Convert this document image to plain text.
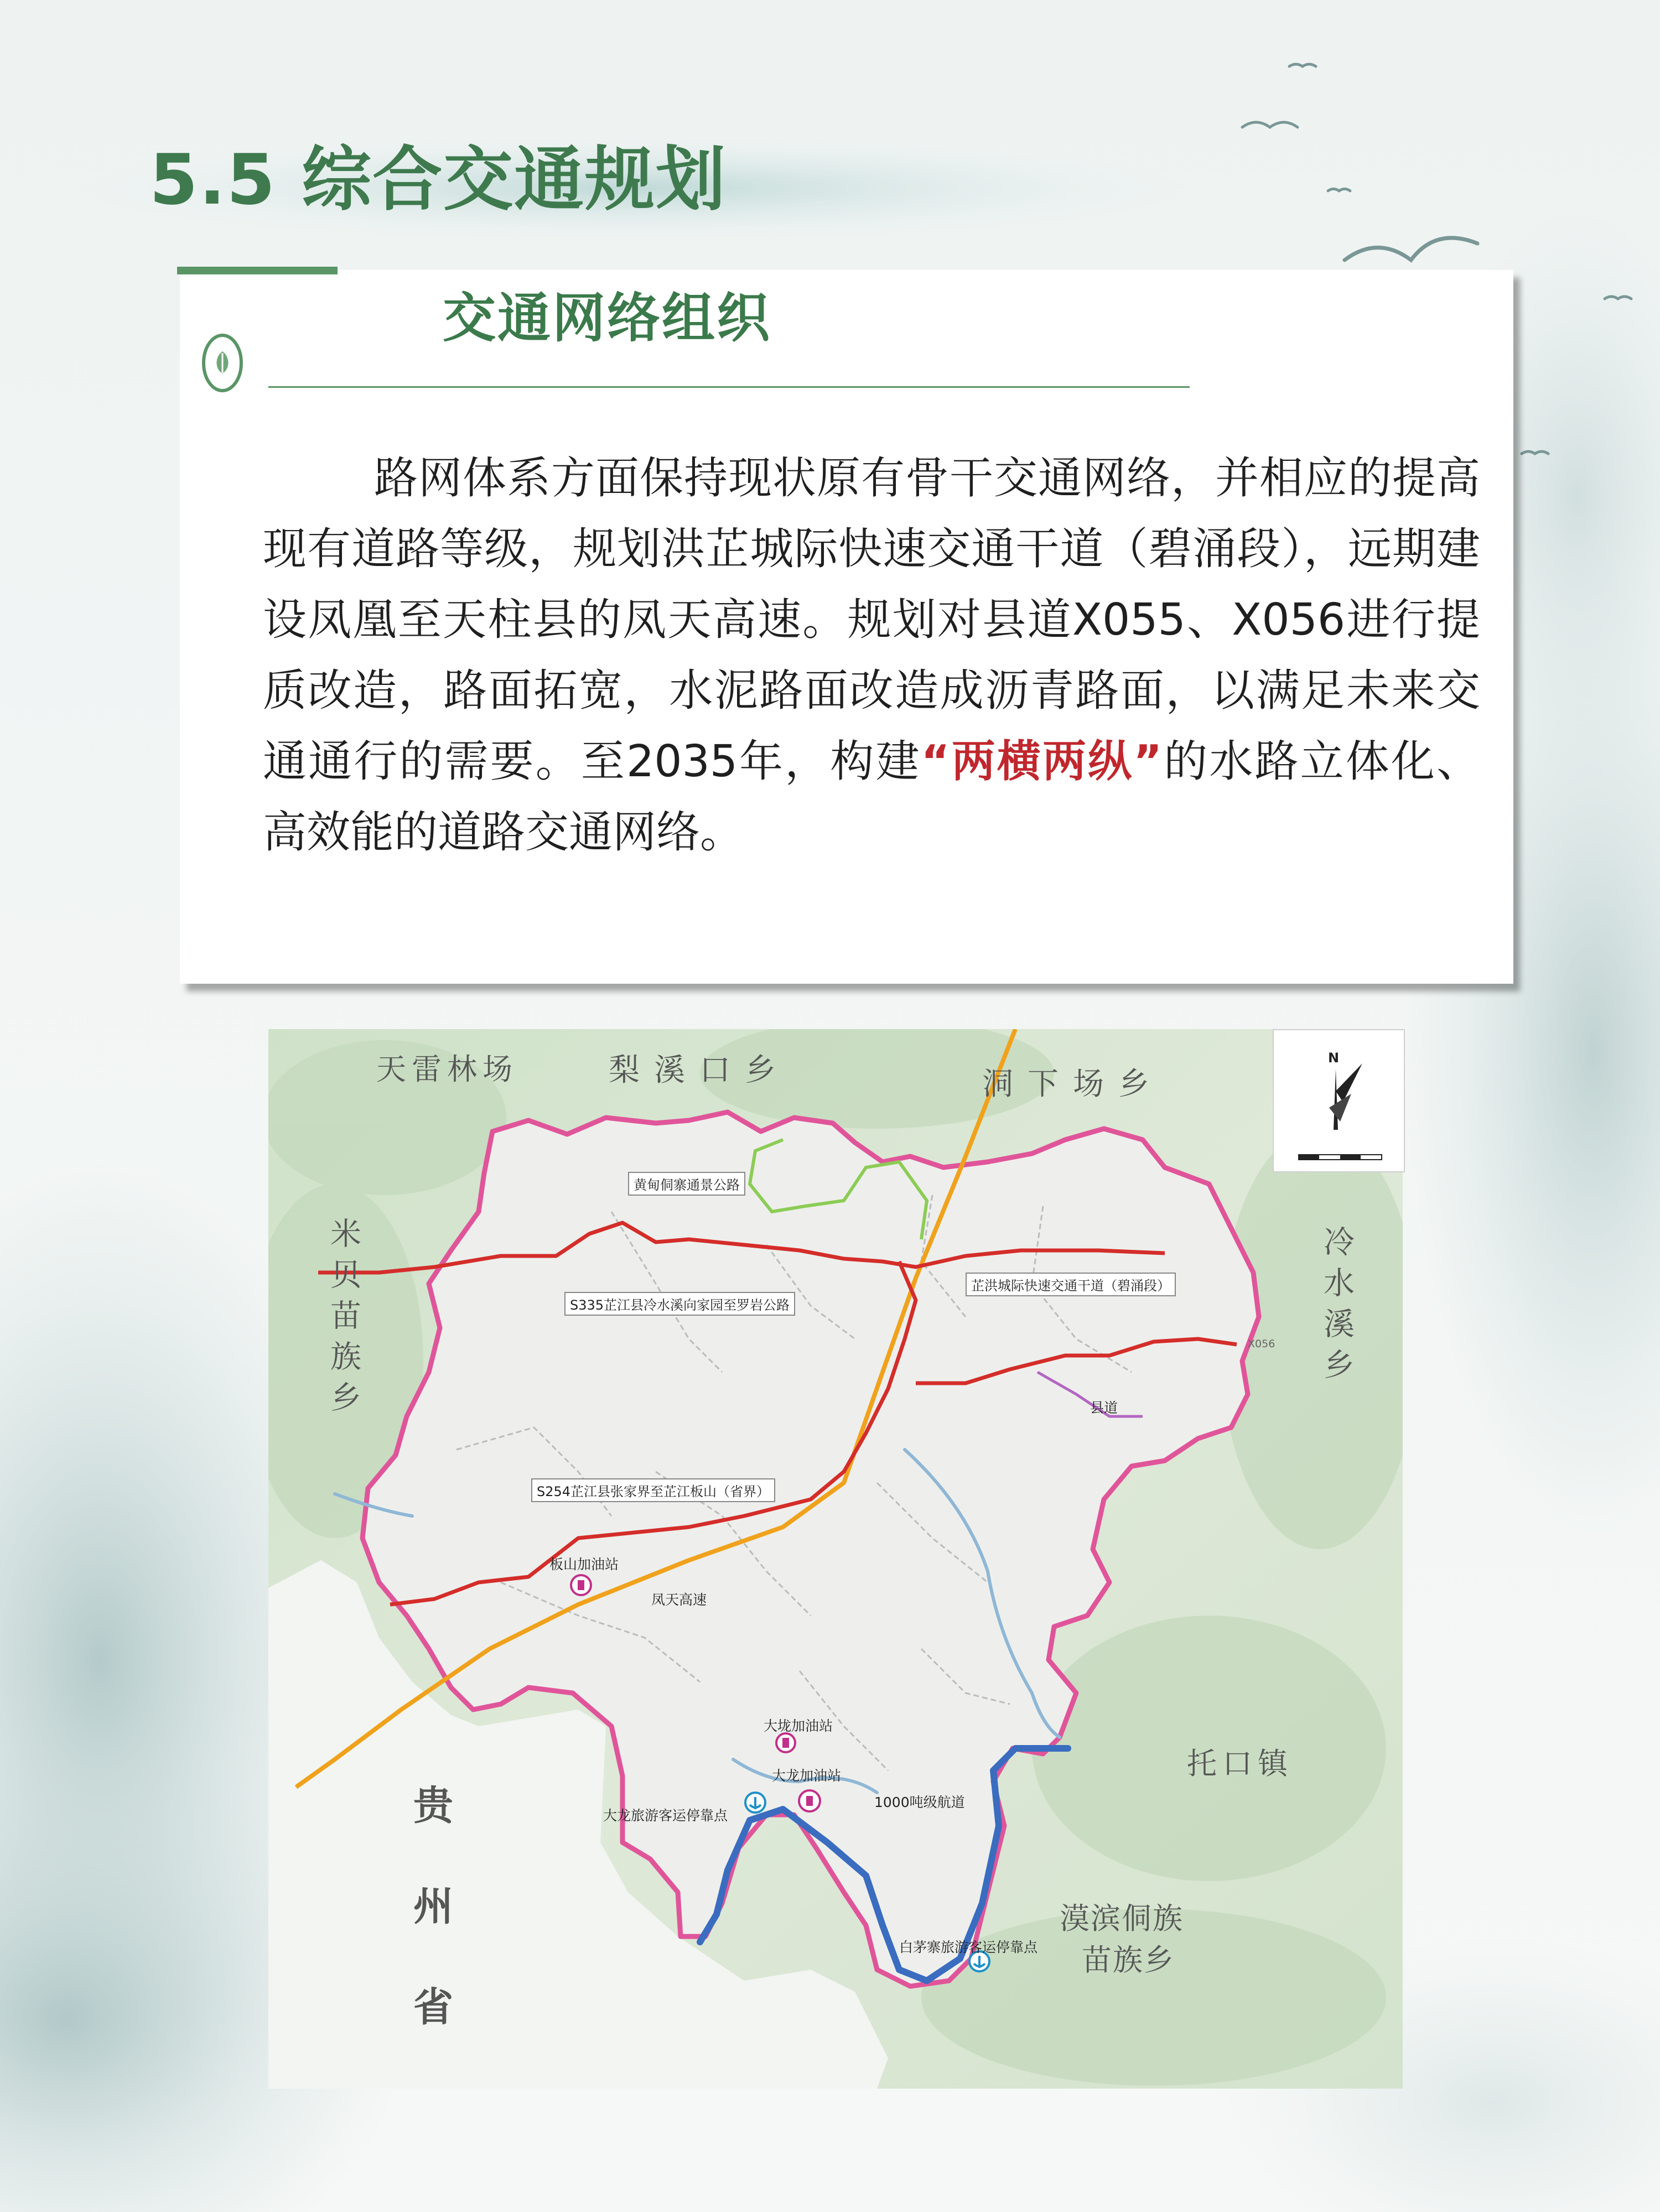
5.5 综合交通规划
交通网络组织
路网体系方面保持现状原有骨干交通网络，并相应的提高现有道路等级，规划洪芷城际快速交通干道（碧涌段），远期建设凤凰至天柱县的凤天高速。规划对县道X055、X056进行提质改造，路面拓宽，水泥路面改造成沥青路面，以满足未来交通通行的需要。至2035年，构建“两横两纵”的水路立体化、高效能的道路交通网络。
X056
N
天雷林场	梨溪口乡	洞下场乡
米贝苗族乡	冷水溪乡
托口镇
贵州省	漠滨侗族
苗族乡
黄甸侗寨通景公路
S335芷江县冷水溪向家园至罗岩公路
芷洪城际快速交通干道（碧涌段）
县道
S254芷江县张家界至芷江板山（省界）
凤天高速
1000吨级航道
板山加油站
大垅加油站
大龙加油站
大龙旅游客运停靠点
白茅寨旅游客运停靠点
